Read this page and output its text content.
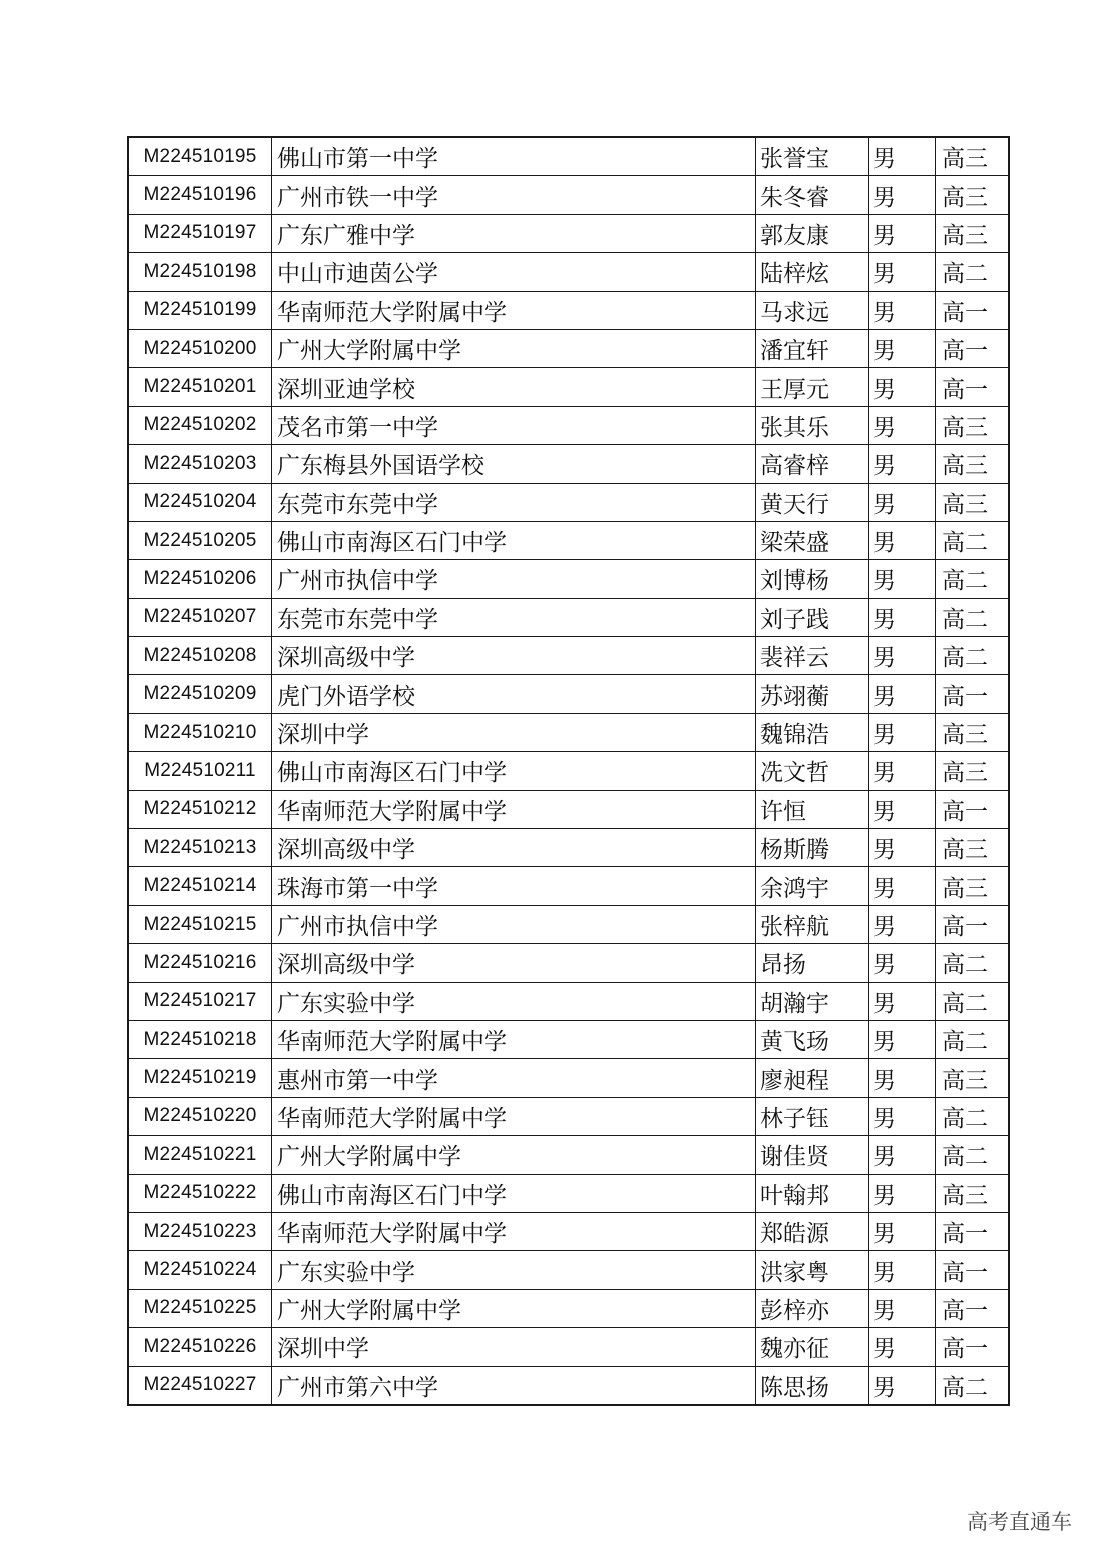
M224510195	佛山市第一中学	张誉宝	男	高三
M224510196	广州市铁一中学	朱冬睿	男	高三
M224510197	广东广雅中学	郭友康	男	高三
M224510198	中山市迪茵公学	陆梓炫	男	高二
M224510199	华南师范大学附属中学	马求远	男	高一
M224510200	广州大学附属中学	潘宜轩	男	高一
M224510201	深圳亚迪学校	王厚元	男	高一
M224510202	茂名市第一中学	张其乐	男	高三
M224510203	广东梅县外国语学校	高睿梓	男	高三
M224510204	东莞市东莞中学	黄天行	男	高三
M224510205	佛山市南海区石门中学	梁荣盛	男	高二
M224510206	广州市执信中学	刘博杨	男	高二
M224510207	东莞市东莞中学	刘子践	男	高二
M224510208	深圳高级中学	裴祥云	男	高二
M224510209	虎门外语学校	苏翊蘅	男	高一
M224510210	深圳中学	魏锦浩	男	高三
M224510211	佛山市南海区石门中学	冼文哲	男	高三
M224510212	华南师范大学附属中学	许恒	男	高一
M224510213	深圳高级中学	杨斯腾	男	高三
M224510214	珠海市第一中学	余鸿宇	男	高三
M224510215	广州市执信中学	张梓航	男	高一
M224510216	深圳高级中学	昂扬	男	高二
M224510217	广东实验中学	胡瀚宇	男	高二
M224510218	华南师范大学附属中学	黄飞玚	男	高二
M224510219	惠州市第一中学	廖昶程	男	高三
M224510220	华南师范大学附属中学	林子钰	男	高二
M224510221	广州大学附属中学	谢佳贤	男	高二
M224510222	佛山市南海区石门中学	叶翰邦	男	高三
M224510223	华南师范大学附属中学	郑皓源	男	高一
M224510224	广东实验中学	洪家粤	男	高一
M224510225	广州大学附属中学	彭梓亦	男	高一
M224510226	深圳中学	魏亦征	男	高一
M224510227	广州市第六中学	陈思扬	男	高二
高考直通车
